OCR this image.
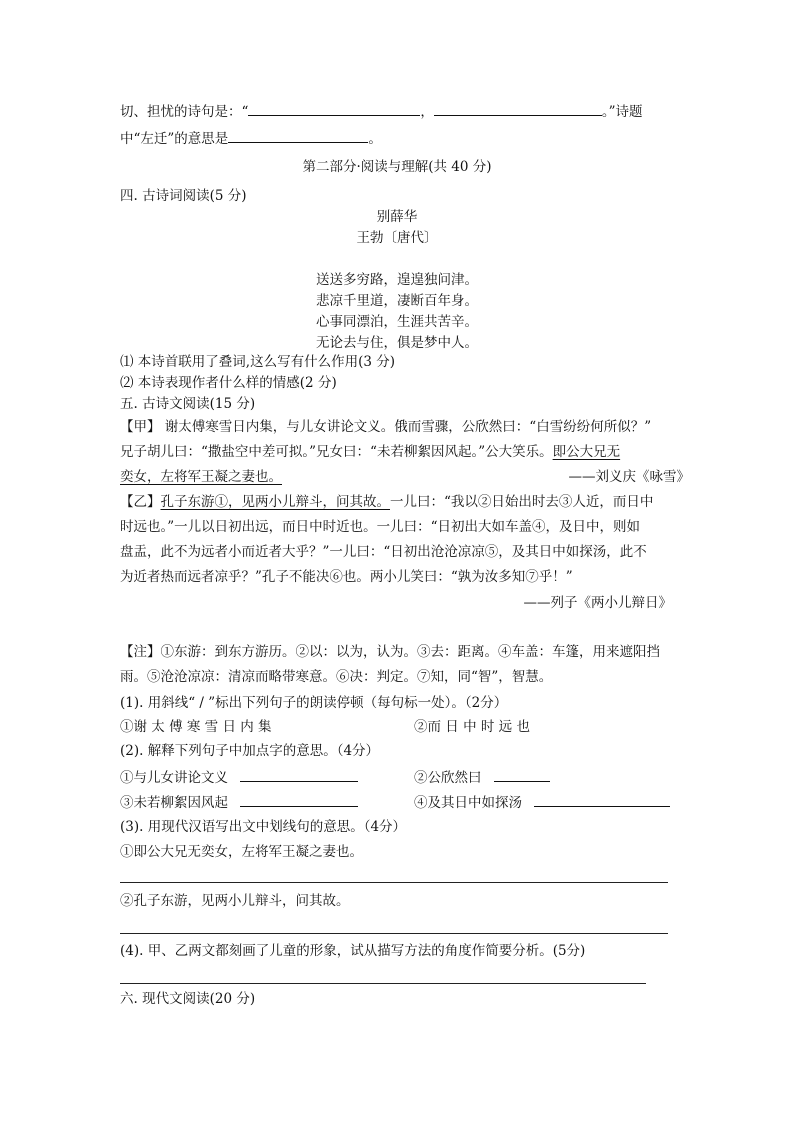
切、担忧的诗句是：“	，	。”诗题
中“左迁”的意思是	。
第二部分·阅读与理解(共 40 分)
四. 古诗词阅读(5 分)
别薛华
王勃〔唐代〕
送送多穷路，遑遑独问津。
悲凉千里道，凄断百年身。
心事同漂泊，生涯共苦辛。
无论去与住，俱是梦中人。
⑴ 本诗首联用了叠词,这么写有什么作用(3 分)
⑵ 本诗表现作者什么样的情感(2 分)
五. 古诗文阅读(15 分)
【甲】 谢太傅寒雪日内集，与儿女讲论文义。俄而雪骤，公欣然曰：“白雪纷纷何所似？”
兄子胡儿曰：“撒盐空中差可拟。”兄女曰：“未若柳絮因风起。”公大笑乐。即公大兄无
奕女，左将军王凝之妻也。	——刘义庆《咏雪》
【乙】孔子东游①，见两小儿辩斗，问其故。一儿曰：“我以②日始出时去③人近，而日中
时远也。”一儿以日初出远，而日中时近也。一儿曰：“日初出大如车盖④，及日中，则如
盘盂，此不为远者小而近者大乎？”一儿曰：“日初出沧沧凉凉⑤，及其日中如探汤，此不
为近者热而远者凉乎？”孔子不能决⑥也。两小儿笑曰：“孰为汝多知⑦乎！”
——列子《两小儿辩日》
【注】①东游：到东方游历。②以：以为，认为。③去：距离。④车盖：车篷，用来遮阳挡
雨。⑤沧沧凉凉：清凉而略带寒意。⑥决：判定。⑦知，同“智”，智慧。
(1). 用斜线“ / ”标出下列句子的朗读停顿（每句标一处）。（2分）
①谢 太 傅 寒 雪 日 内 集	②而 日 中 时 远 也
(2). 解释下列句子中加点字的意思。（4分）
①与儿女讲论文义	②公欣然曰
③未若柳絮因风起	④及其日中如探汤
(3). 用现代汉语写出文中划线句的意思。（4分）
①即公大兄无奕女，左将军王凝之妻也。
②孔子东游，见两小儿辩斗，问其故。
(4). 甲、乙两文都刻画了儿童的形象，试从描写方法的角度作简要分析。(5分)
六. 现代文阅读(20 分)
